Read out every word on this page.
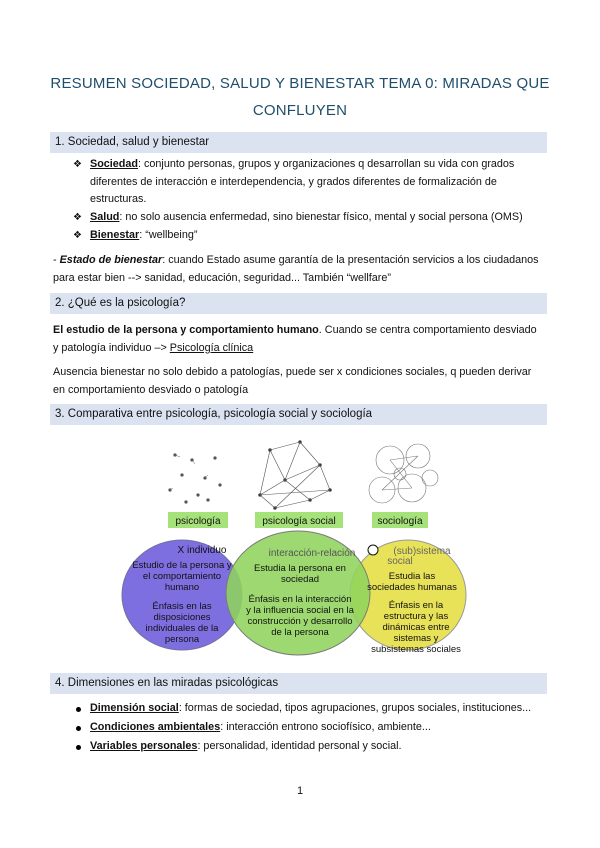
RESUMEN SOCIEDAD, SALUD Y BIENESTAR TEMA 0: MIRADAS QUE CONFLUYEN
1. Sociedad, salud y bienestar
❖ Sociedad: conjunto personas, grupos y organizaciones q desarrollan su vida con grados
diferentes de interacción e interdependencia, y grados diferentes de formalización de
estructuras.
❖ Salud: no solo ausencia enfermedad, sino bienestar físico, mental y social persona (OMS)
❖ Bienestar: “wellbeing”
- Estado de bienestar: cuando Estado asume garantía de la presentación servicios a los ciudadanos
para estar bien --> sanidad, educación, seguridad... También “wellfare”
2. ¿Qué es la psicología?
El estudio de la persona y comportamiento humano. Cuando se centra comportamiento desviado
y patología individuo –> Psicología clínica
Ausencia bienestar no solo debido a patologías, puede ser x condiciones sociales, q pueden derivar
en comportamiento desviado o patología
3. Comparativa entre psicología, psicología social y sociología
psicología	psicología social	sociología
X individuo
Estudio de la persona y
el comportamiento
humano
Énfasis en las
disposiciones
individuales de la
persona
interacción-relación
Estudia la persona en
sociedad
Énfasis en la interacción
y la influencia social en la
construcción y desarrollo
de la persona
(sub)sistema
social
Estudia las
sociedades humanas
Énfasis en la
estructura y las
dinámicas entre
sistemas y
subsistemas sociales
4. Dimensiones en las miradas psicológicas
Dimensión social: formas de sociedad, tipos agrupaciones, grupos sociales, instituciones...
Condiciones ambientales: interacción entrono sociofísico, ambiente...
Variables personales: personalidad, identidad personal y social.
1
